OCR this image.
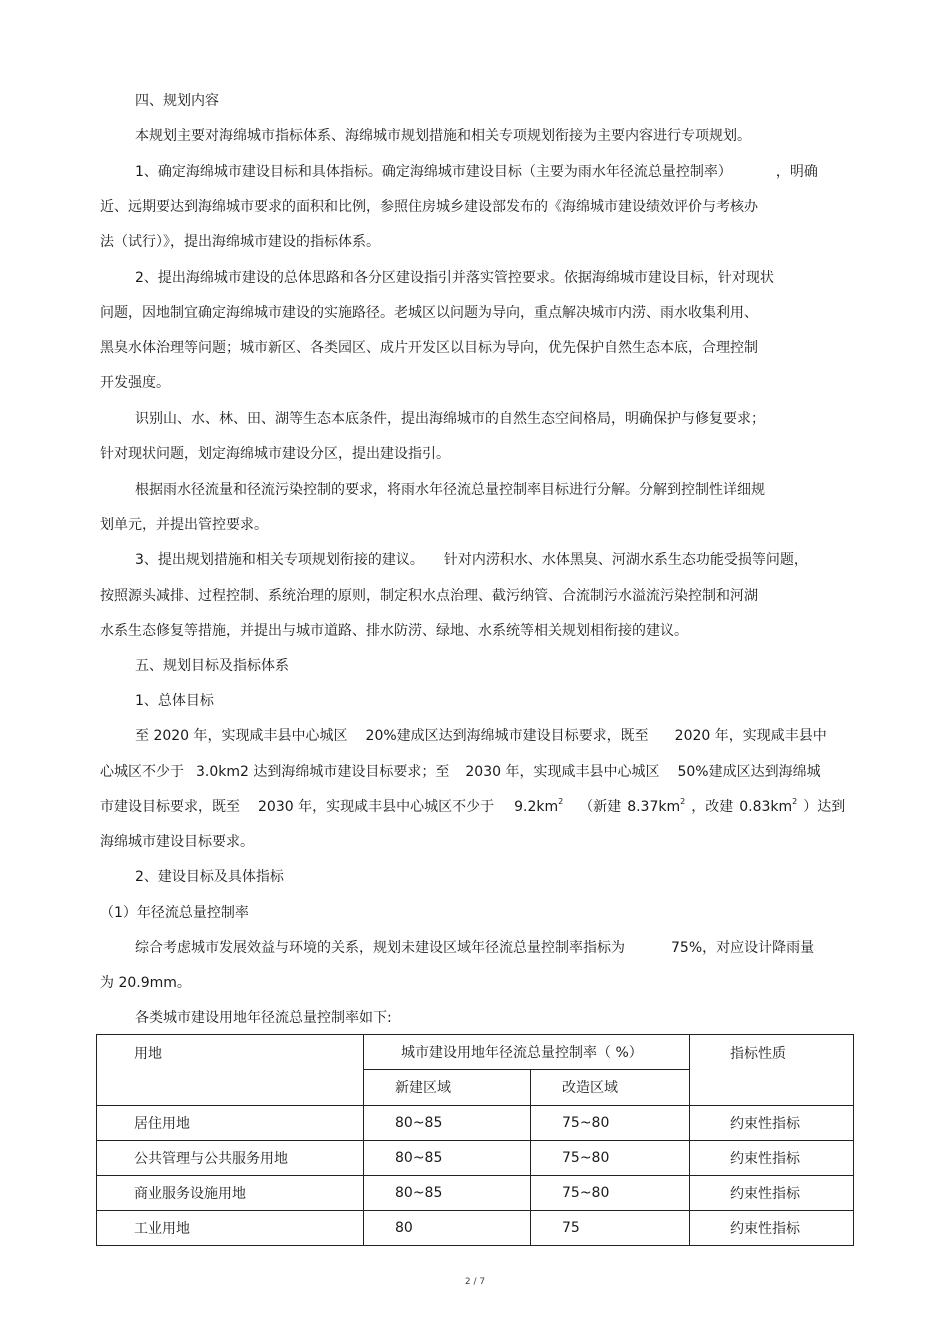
四、规划内容
本规划主要对海绵城市指标体系、海绵城市规划措施和相关专项规划衔接为主要内容进行专项规划。
1、确定海绵城市建设目标和具体指标。确定海绵城市建设目标（主要为雨水年径流总量控制率）	，明确
近、远期要达到海绵城市要求的面积和比例，参照住房城乡建设部发布的《海绵城市建设绩效评价与考核办
法（试行）》，提出海绵城市建设的指标体系。
2、提出海绵城市建设的总体思路和各分区建设指引并落实管控要求。依据海绵城市建设目标，针对现状
问题，因地制宜确定海绵城市建设的实施路径。老城区以问题为导向，重点解决城市内涝、雨水收集利用、
黑臭水体治理等问题；城市新区、各类园区、成片开发区以目标为导向，优先保护自然生态本底，合理控制
开发强度。
识别山、水、林、田、湖等生态本底条件，提出海绵城市的自然生态空间格局，明确保护与修复要求；
针对现状问题，划定海绵城市建设分区，提出建设指引。
根据雨水径流量和径流污染控制的要求，将雨水年径流总量控制率目标进行分解。分解到控制性详细规
划单元，并提出管控要求。
3、提出规划措施和相关专项规划衔接的建议。 针对内涝积水、水体黑臭、河湖水系生态功能受损等问题，
按照源头减排、过程控制、系统治理的原则，制定积水点治理、截污纳管、合流制污水溢流污染控制和河湖
水系生态修复等措施，并提出与城市道路、排水防涝、绿地、水系统等相关规划相衔接的建议。
五、规划目标及指标体系
1、总体目标
至 2020 年，实现咸丰县中心城区 20%建成区达到海绵城市建设目标要求，既至 2020 年，实现咸丰县中
心城区不少于 3.0km2 达到海绵城市建设目标要求；至 2030 年，实现咸丰县中心城区 50%建成区达到海绵城
市建设目标要求，既至 2030 年，实现咸丰县中心城区不少于 $9.2km^2$ （新建 $8.37km^2$ ，改建 $0.83km^2$ ）达到
海绵城市建设目标要求。
2、建设目标及具体指标
（1）年径流总量控制率
综合考虑城市发展效益与环境的关系，规划未建设区域年径流总量控制率指标为	75%，对应设计降雨量
为 20.9mm。
各类城市建设用地年径流总量控制率如下:
用地	城市建设用地年径流总量控制率（ %）		指标性质
	新建区域	改造区域	
居住用地	80~85	75~80	约束性指标
公共管理与公共服务用地	80~85	75~80	约束性指标
商业服务设施用地	80~85	75~80	约束性指标
工业用地	80	75	约束性指标
2 / 7
